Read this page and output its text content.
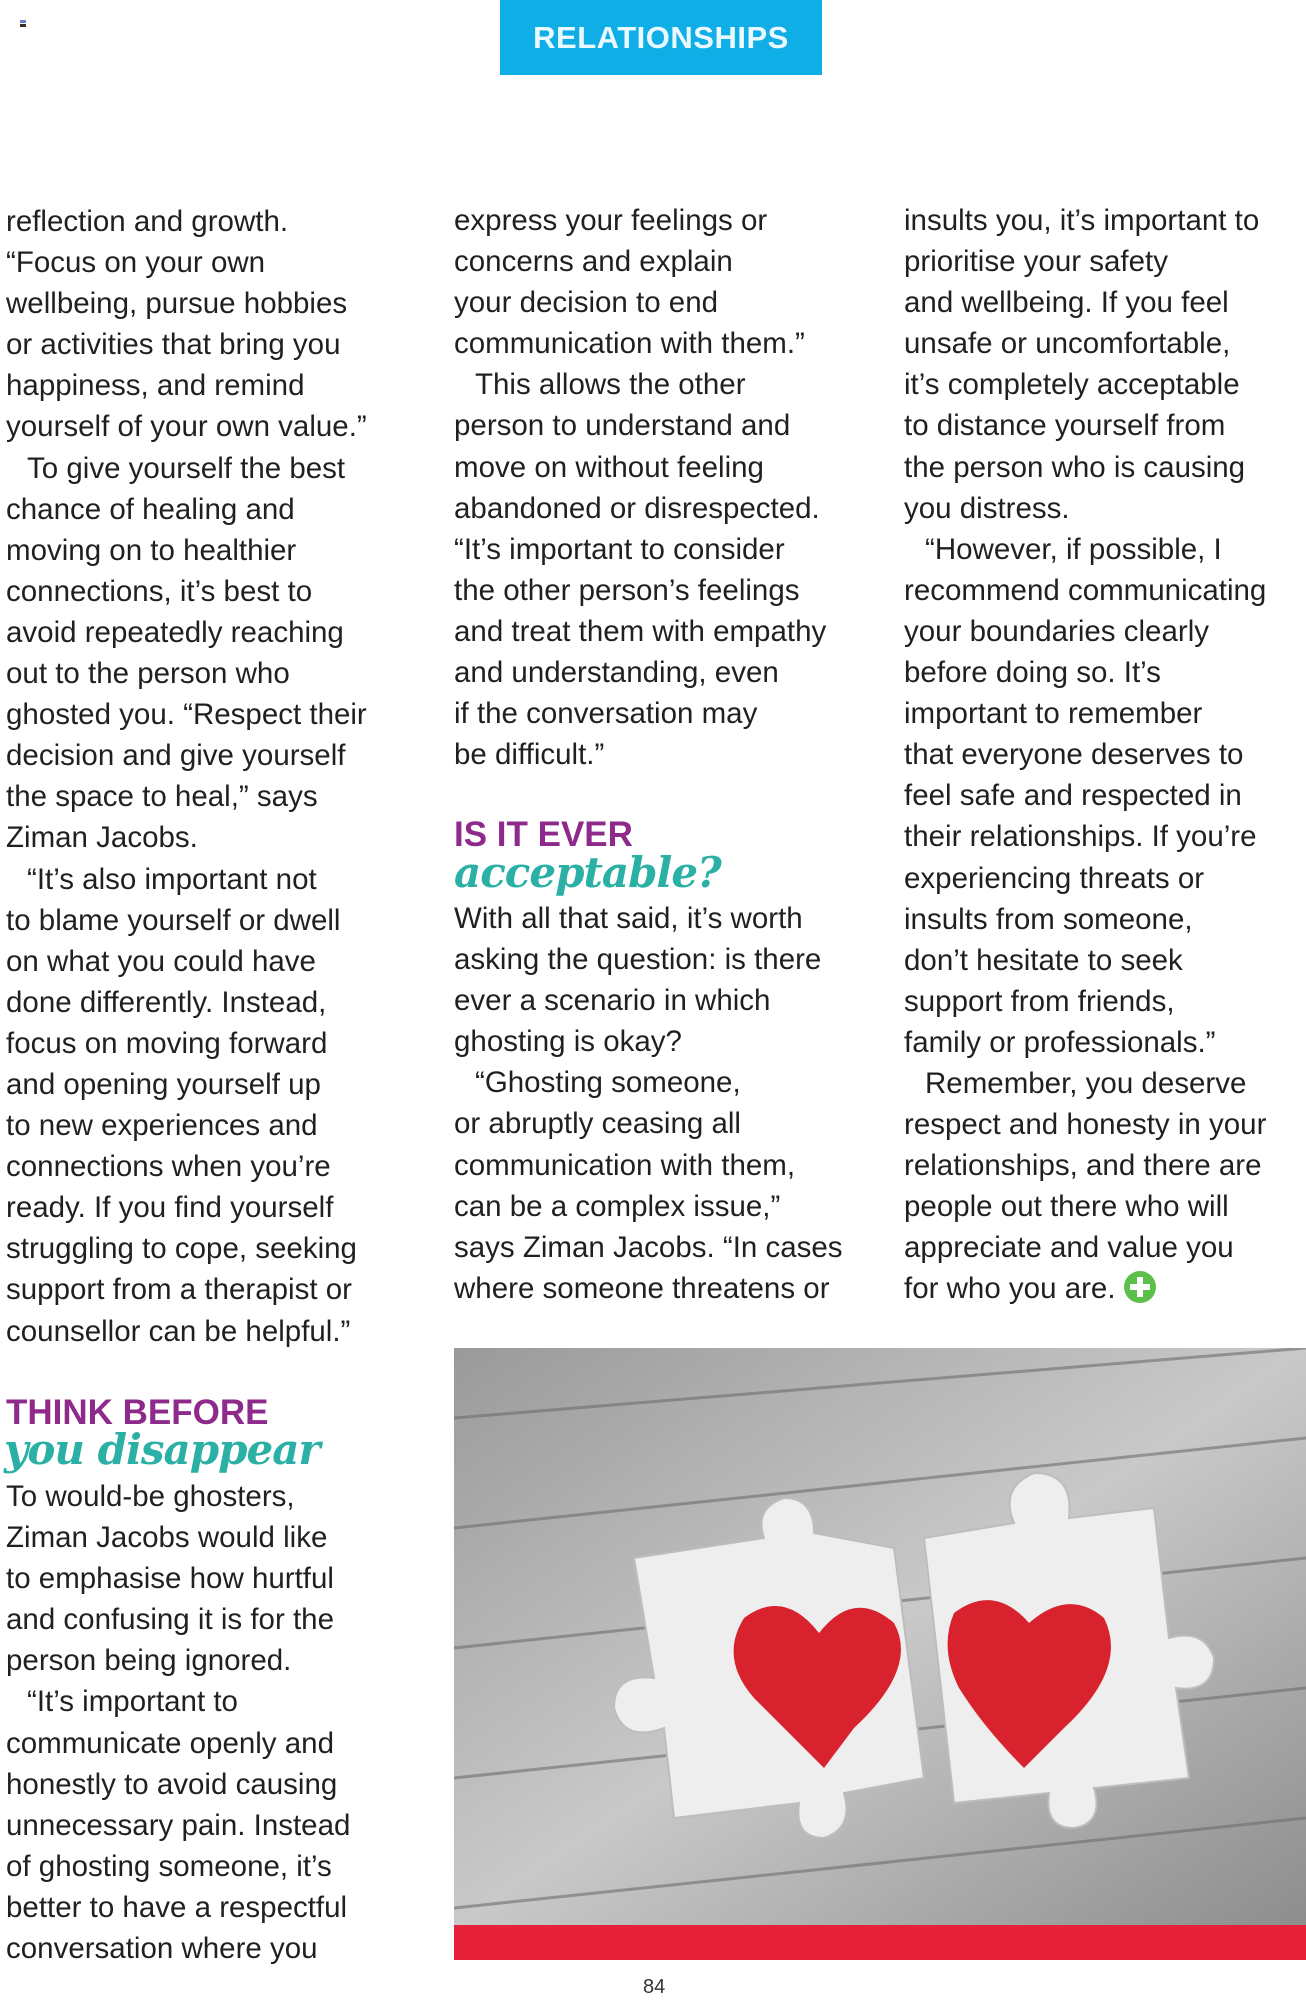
RELATIONSHIPS
reflection and growth.
“Focus on your own
wellbeing, pursue hobbies
or activities that bring you
happiness, and remind
yourself of your own value.”
To give yourself the best
chance of healing and
moving on to healthier
connections, it’s best to
avoid repeatedly reaching
out to the person who
ghosted you. “Respect their
decision and give yourself
the space to heal,” says
Ziman Jacobs.
“It’s also important not
to blame yourself or dwell
on what you could have
done differently. Instead,
focus on moving forward
and opening yourself up
to new experiences and
connections when you’re
ready. If you find yourself
struggling to cope, seeking
support from a therapist or
counsellor can be helpful.”
THINK BEFORE
you disappear
To would-be ghosters,
Ziman Jacobs would like
to emphasise how hurtful
and confusing it is for the
person being ignored.
“It’s important to
communicate openly and
honestly to avoid causing
unnecessary pain. Instead
of ghosting someone, it’s
better to have a respectful
conversation where you
express your feelings or
concerns and explain
your decision to end
communication with them.”
This allows the other
person to understand and
move on without feeling
abandoned or disrespected.
“It’s important to consider
the other person’s feelings
and treat them with empathy
and understanding, even
if the conversation may
be difficult.”
IS IT EVER
acceptable?
With all that said, it’s worth
asking the question: is there
ever a scenario in which
ghosting is okay?
“Ghosting someone,
or abruptly ceasing all
communication with them,
can be a complex issue,”
says Ziman Jacobs. “In cases
where someone threatens or
insults you, it’s important to
prioritise your safety
and wellbeing. If you feel
unsafe or uncomfortable,
it’s completely acceptable
to distance yourself from
the person who is causing
you distress.
“However, if possible, I
recommend communicating
your boundaries clearly
before doing so. It’s
important to remember
that everyone deserves to
feel safe and respected in
their relationships. If you’re
experiencing threats or
insults from someone,
don’t hesitate to seek
support from friends,
family or professionals.”
Remember, you deserve
respect and honesty in your
relationships, and there are
people out there who will
appreciate and value you
for who you are.
84
